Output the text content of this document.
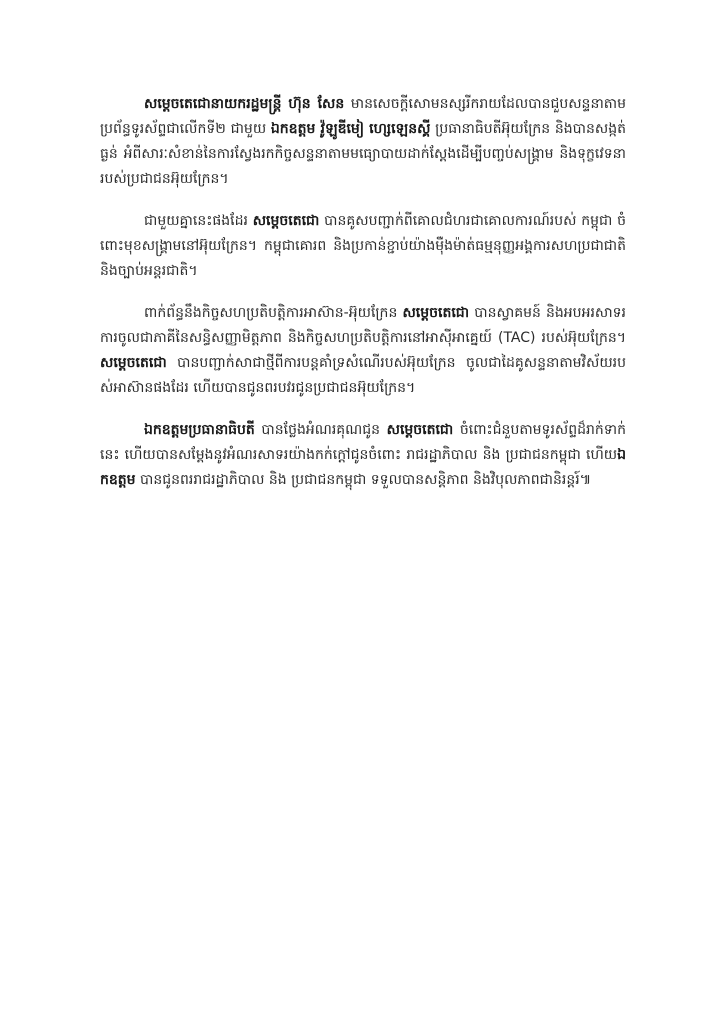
សម្តេចតេជោនាយករដ្ឋមន្ត្រី ហ៊ុន សែន មានសេចក្តីសោមនស្សរីករាយដែលបានជួបសន្ទនាតាមប្រព័ន្ធទូរស័ព្ទជាលើកទី២ ជាមួយ ឯកឧត្តម វ៉ូឡូឌីមៀ ហ្សេឡេនស្គី ប្រធានាធិបតីអ៊ុយក្រែន និងបានសង្កត់ធ្ងន់ អំពីសារៈសំខាន់នៃការស្វែងរកកិច្ចសន្ទនាតាមមធ្យោបាយដាក់ស្តែងដើម្បីបញ្ចប់សង្គ្រាម និងទុក្ខវេទនារបស់ប្រជាជនអ៊ុយក្រែន។

ជាមួយគ្នានេះផងដែរ សម្តេចតេជោ បានគូសបញ្ជាក់ពីគោលជំហរជាគោលការណ៍របស់ កម្ពុជា ចំពោះមុខសង្គ្រាមនៅអ៊ុយក្រែន។ កម្ពុជាគោរព និងប្រកាន់ខ្ជាប់យ៉ាងម៉ឺងម៉ាត់ធម្មនុញ្ញអង្គការសហប្រជាជាតិ និងច្បាប់អន្តរជាតិ។

ពាក់ព័ន្ធនឹងកិច្ចសហប្រតិបត្តិការអាស៊ាន-អ៊ុយក្រែន សម្តេចតេជោ បានស្វាគមន៍ និងអបអរសាទរការចូលជាភាគីនៃសន្ធិសញ្ញាមិត្តភាព និងកិច្ចសហប្រតិបត្តិការនៅអាស៊ីអាគ្នេយ៍ (TAC) របស់អ៊ុយក្រែន។ សម្តេចតេជោ បានបញ្ជាក់សាជាថ្មីពីការបន្តគាំទ្រសំណើរបស់អ៊ុយក្រែន ចូលជាដៃគូសន្ទនាតាមវិស័យរបស់អាស៊ានផងដែរ ហើយបានជូនពរបវរជូនប្រជាជនអ៊ុយក្រែន។

ឯកឧត្តមប្រធានាធិបតី បានថ្លែងអំណរគុណជូន សម្តេចតេជោ ចំពោះជំនួបតាមទូរស័ព្ទដ៏រាក់ទាក់នេះ ហើយបានសម្តែងនូវអំណរសាទរយ៉ាងកក់ក្តៅជូនចំពោះ រាជរដ្ឋាភិបាល និង ប្រជាជនកម្ពុជា ហើយឯកឧត្តម បានជូនពររាជរដ្ឋាភិបាល និង ប្រជាជនកម្ពុជា ទទួលបានសន្តិភាព និងវិបុលភាពជានិរន្តរ៍៕
